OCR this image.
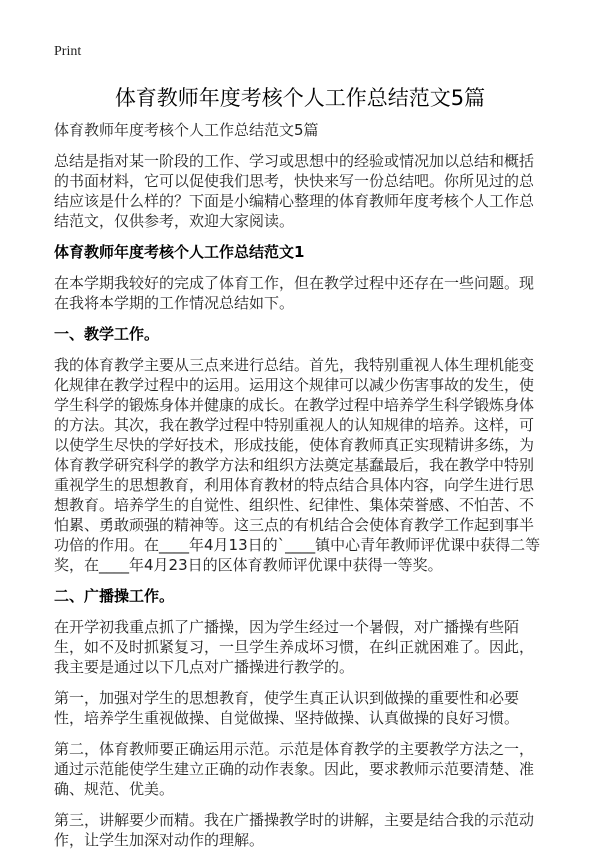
Print
体育教师年度考核个人工作总结范文5篇

体育教师年度考核个人工作总结范文5篇

总结是指对某一阶段的工作、学习或思想中的经验或情况加以总结和概括的书面材料，它可以促使我们思考，快快来写一份总结吧。你所见过的总结应该是什么样的？下面是小编精心整理的体育教师年度考核个人工作总结范文，仅供参考，欢迎大家阅读。

体育教师年度考核个人工作总结范文1

在本学期我较好的完成了体育工作，但在教学过程中还存在一些问题。现在我将本学期的工作情况总结如下。

一、教学工作。

我的体育教学主要从三点来进行总结。首先，我特别重视人体生理机能变化规律在教学过程中的运用。运用这个规律可以减少伤害事故的发生，使学生科学的锻炼身体并健康的成长。在教学过程中培养学生科学锻炼身体的方法。其次，我在教学过程中特别重视人的认知规律的培养。这样，可以使学生尽快的学好技术，形成技能，使体育教师真正实现精讲多练，为体育教学研究科学的教学方法和组织方法奠定基蠢最后，我在教学中特别重视学生的思想教育，利用体育教材的特点结合具体内容，向学生进行思想教育。培养学生的自觉性、组织性、纪律性、集体荣誉感、不怕苦、不怕累、勇敢顽强的精神等。这三点的有机结合会使体育教学工作起到事半功倍的作用。在____年4月13日的`____镇中心青年教师评优课中获得二等奖，在____年4月23日的区体育教师评优课中获得一等奖。

二、广播操工作。

在开学初我重点抓了广播操，因为学生经过一个暑假，对广播操有些陌生，如不及时抓紧复习，一旦学生养成坏习惯，在纠正就困难了。因此，我主要是通过以下几点对广播操进行教学的。

第一，加强对学生的思想教育，使学生真正认识到做操的重要性和必要性，培养学生重视做操、自觉做操、坚持做操、认真做操的良好习惯。

第二，体育教师要正确运用示范。示范是体育教学的主要教学方法之一，通过示范能使学生建立正确的动作表象。因此，要求教师示范要清楚、准确、规范、优美。

第三，讲解要少而精。我在广播操教学时的讲解，主要是结合我的示范动作，让学生加深对动作的理解。
